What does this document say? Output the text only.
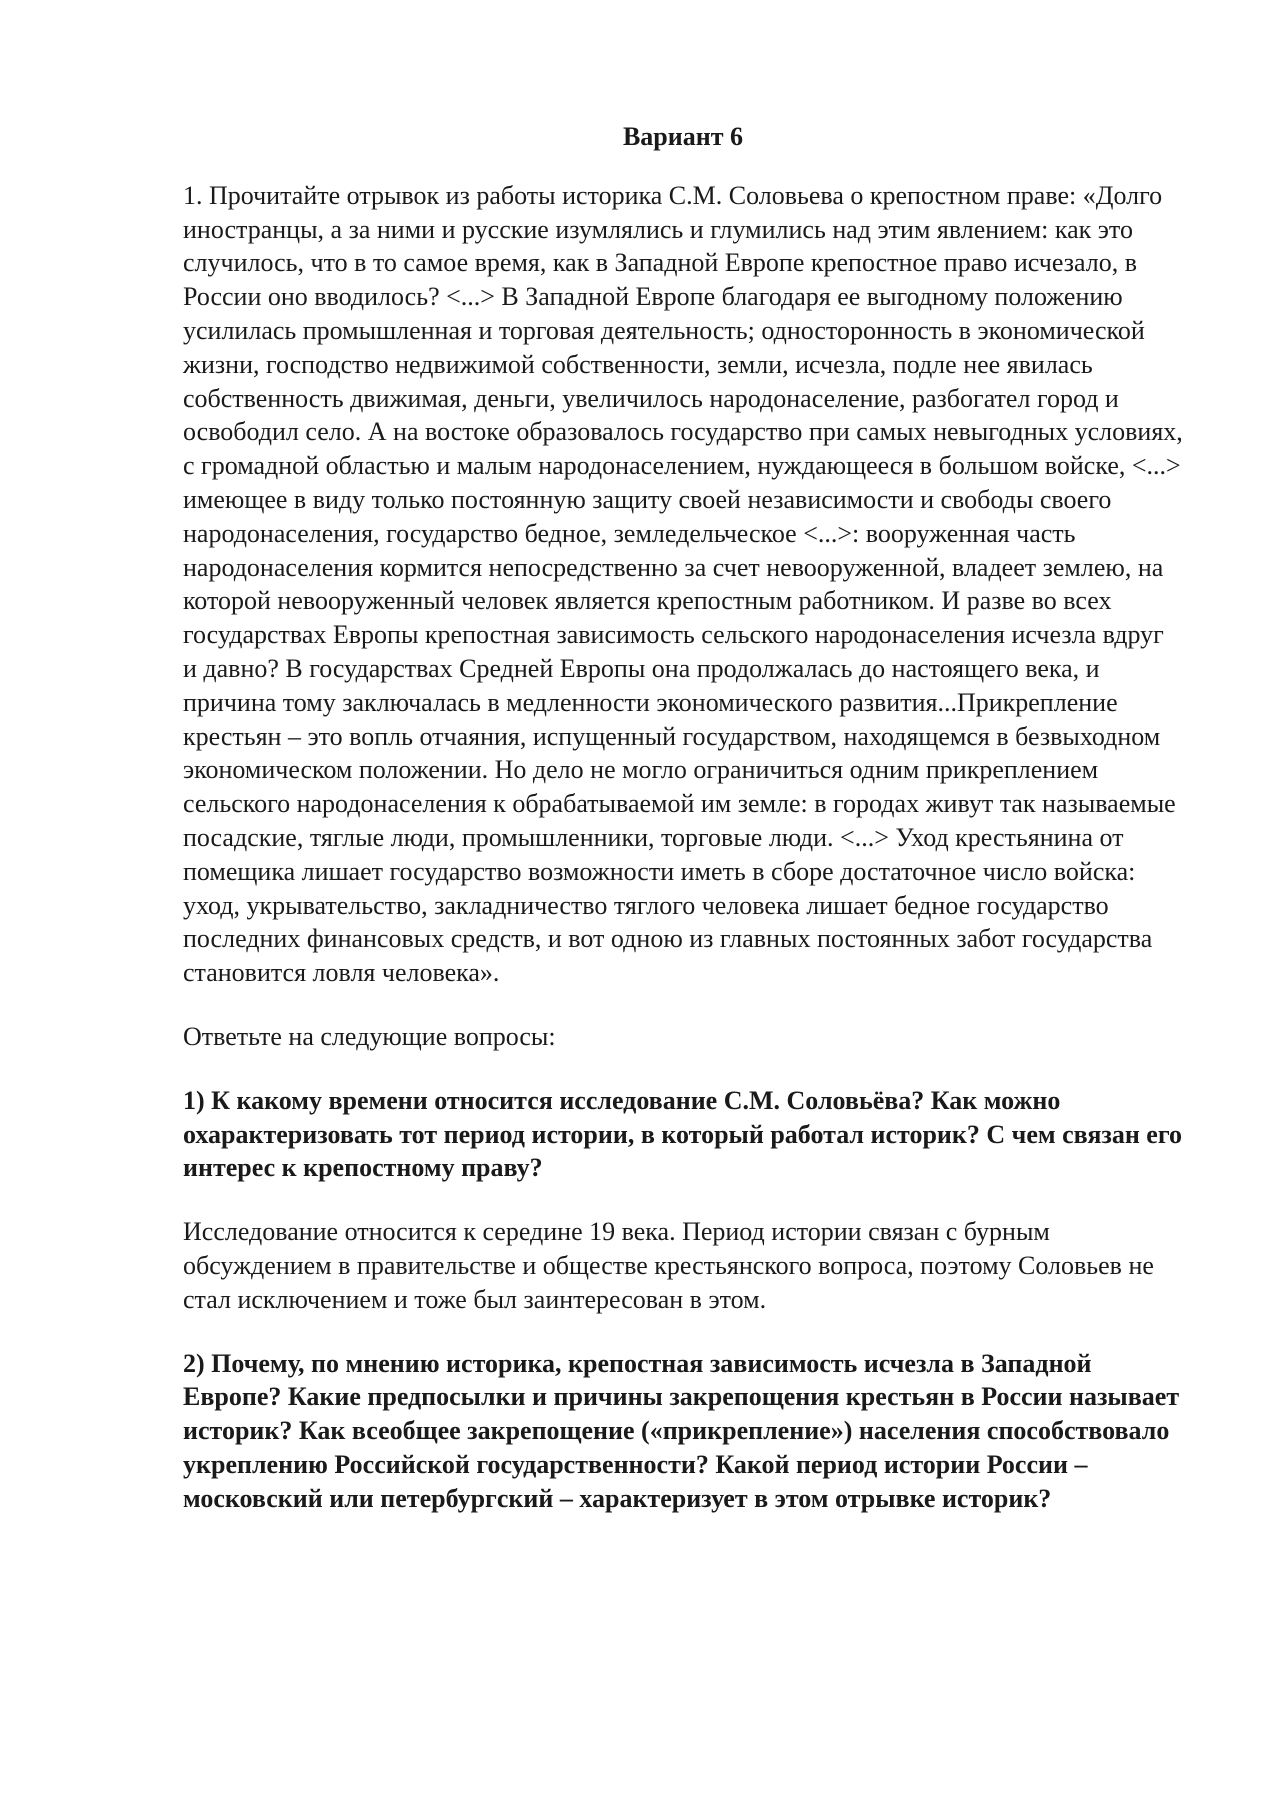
Вариант 6

1. Прочитайте отрывок из работы историка С.М. Соловьева о крепостном праве: «Долго иностранцы, а за ними и русские изумлялись и глумились над этим явлением: как это случилось, что в то самое время, как в Западной Европе крепостное право исчезало, в России оно вводилось? <...> В Западной Европе благодаря ее выгодному положению усилилась промышленная и торговая деятельность; односторонность в экономической жизни, господство недвижимой собственности, земли, исчезла, подле нее явилась собственность движимая, деньги, увеличилось народонаселение, разбогател город и освободил село. А на востоке образовалось государство при самых невыгодных условиях, с громадной областью и малым народонаселением, нуждающееся в большом войске, <...> имеющее в виду только постоянную защиту своей независимости и свободы своего народонаселения, государство бедное, земледельческое <...>: вооруженная часть народонаселения кормится непосредственно за счет невооруженной, владеет землею, на которой невооруженный человек является крепостным работником. И разве во всех государствах Европы крепостная зависимость сельского народонаселения исчезла вдруг и давно? В государствах Средней Европы она продолжалась до настоящего века, и причина тому заключалась в медленности экономического развития...Прикрепление крестьян – это вопль отчаяния, испущенный государством, находящемся в безвыходном экономическом положении. Но дело не могло ограничиться одним прикреплением сельского народонаселения к обрабатываемой им земле: в городах живут так называемые посадские, тяглые люди, промышленники, торговые люди. <...> Уход крестьянина от помещика лишает государство возможности иметь в сборе достаточное число войска: уход, укрывательство, закладничество тяглого человека лишает бедное государство последних финансовых средств, и вот одною из главных постоянных забот государства становится ловля человека».

Ответьте на следующие вопросы:

1) К какому времени относится исследование С.М. Соловьёва? Как можно охарактеризовать тот период истории, в который работал историк? С чем связан его интерес к крепостному праву?

Исследование относится к середине 19 века. Период истории связан с бурным обсуждением в правительстве и обществе крестьянского вопроса, поэтому Соловьев не стал исключением и тоже был заинтересован в этом.

2) Почему, по мнению историка, крепостная зависимость исчезла в Западной Европе? Какие предпосылки и причины закрепощения крестьян в России называет историк? Как всеобщее закрепощение («прикрепление») населения способствовало укреплению Российской государственности? Какой период истории России – московский или петербургский – характеризует в этом отрывке историк?
